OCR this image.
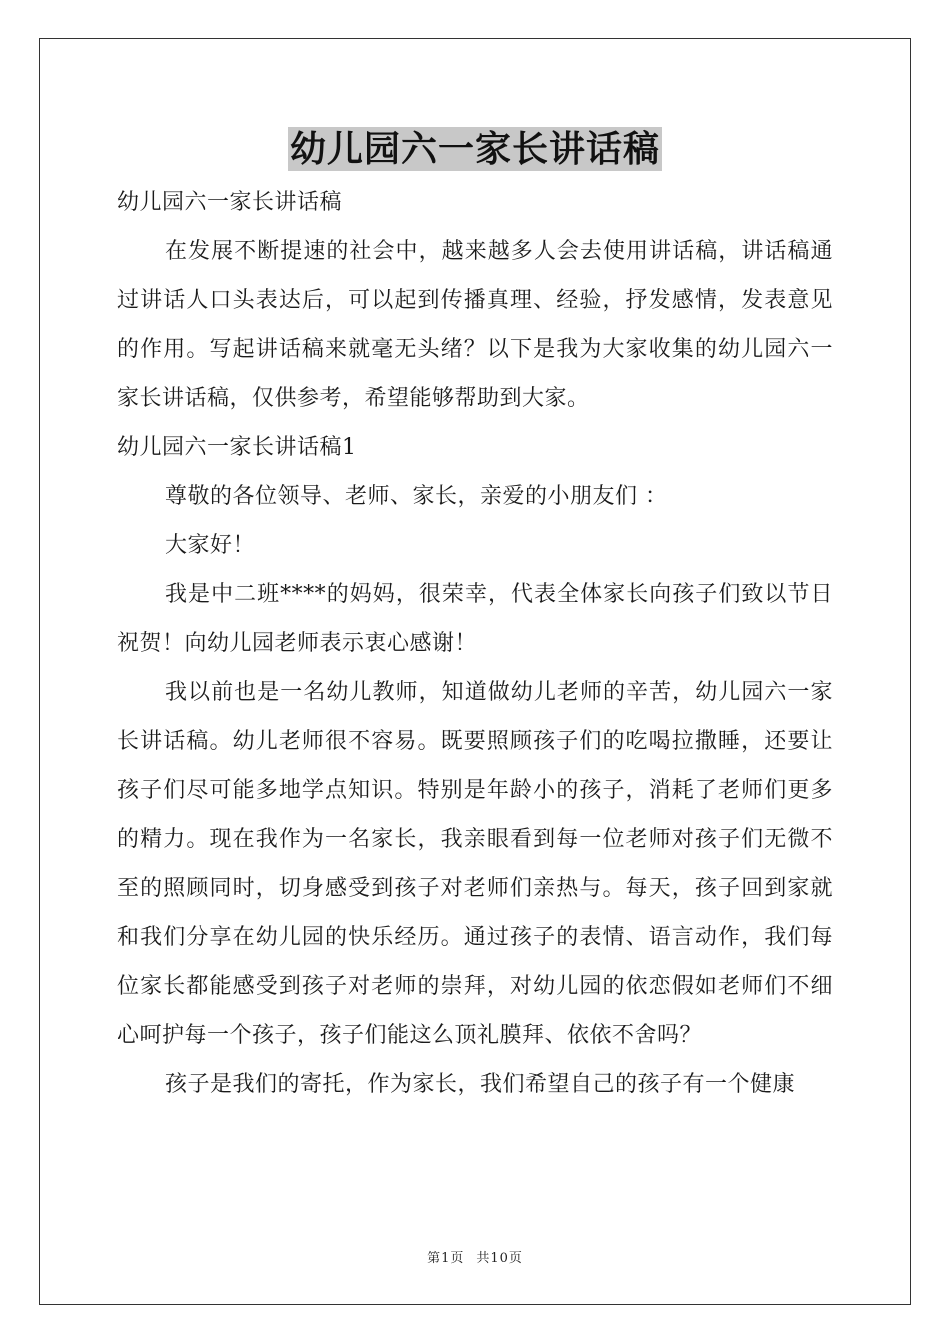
幼儿园六一家长讲话稿

幼儿园六一家长讲话稿

在发展不断提速的社会中，越来越多人会去使用讲话稿，讲话稿通过讲话人口头表达后，可以起到传播真理、经验，抒发感情，发表意见的作用。写起讲话稿来就毫无头绪？以下是我为大家收集的幼儿园六一家长讲话稿，仅供参考，希望能够帮助到大家。

幼儿园六一家长讲话稿1

尊敬的各位领导、老师、家长，亲爱的小朋友们 ：

大家好！

我是中二班****的妈妈，很荣幸，代表全体家长向孩子们致以节日祝贺！向幼儿园老师表示衷心感谢！

我以前也是一名幼儿教师，知道做幼儿老师的辛苦，幼儿园六一家长讲话稿。幼儿老师很不容易。既要照顾孩子们的吃喝拉撒睡，还要让孩子们尽可能多地学点知识。特别是年龄小的孩子，消耗了老师们更多的精力。现在我作为一名家长，我亲眼看到每一位老师对孩子们无微不至的照顾同时，切身感受到孩子对老师们亲热与。每天，孩子回到家就和我们分享在幼儿园的快乐经历。通过孩子的表情、语言动作，我们每位家长都能感受到孩子对老师的崇拜，对幼儿园的依恋假如老师们不细心呵护每一个孩子，孩子们能这么顶礼膜拜、依依不舍吗？

孩子是我们的寄托，作为家长，我们希望自己的孩子有一个健康

第1页 共10页
